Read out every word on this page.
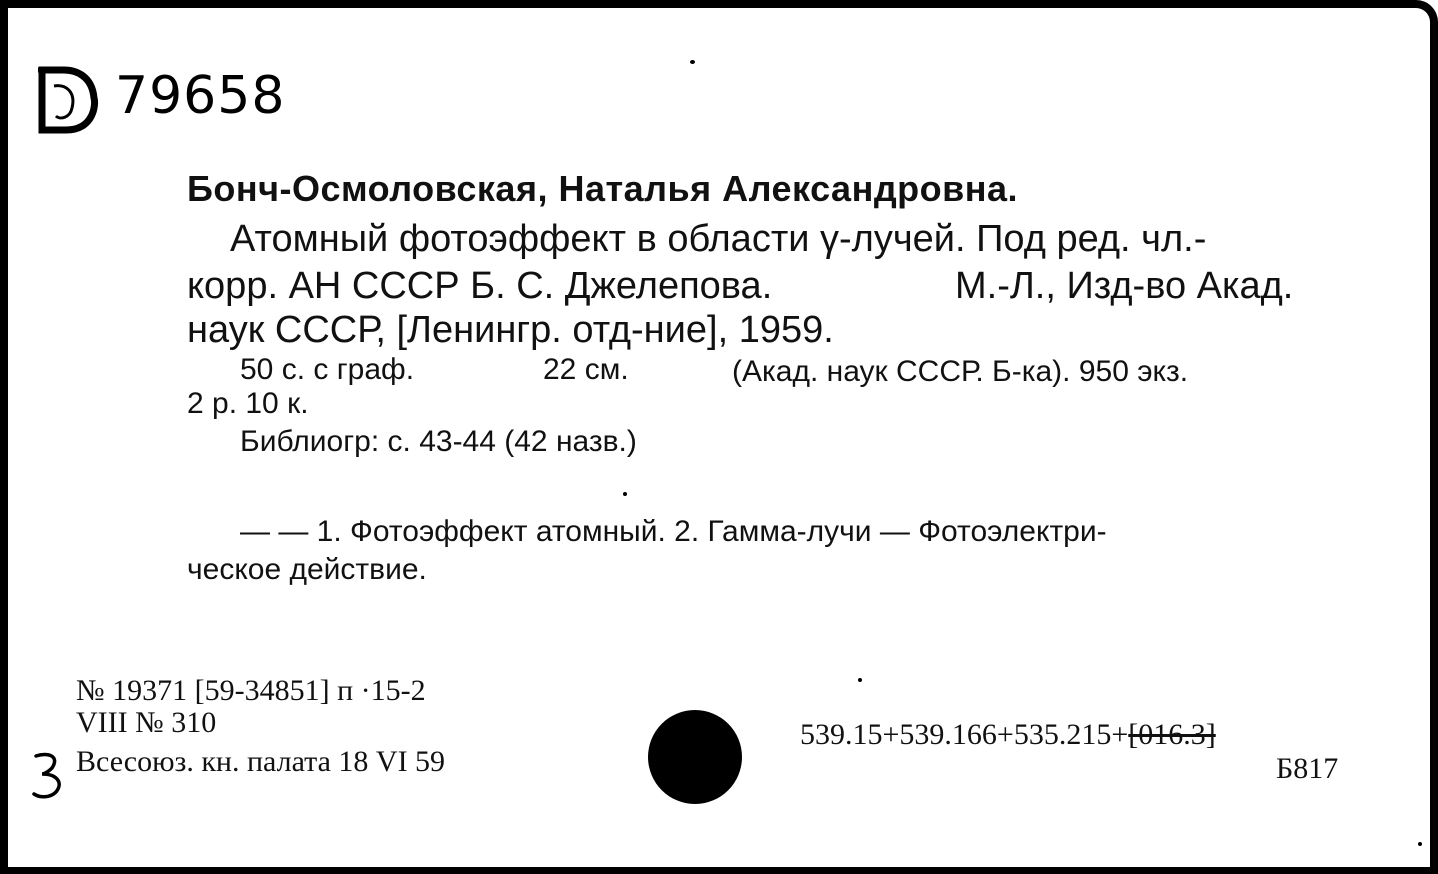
79658
Бонч-Осмоловская, Наталья Александровна.
Атомный фотоэффект в области γ-лучей. Под ред. чл.-
корр. АН СССР Б. С. Джелепова.	М.-Л., Изд-во Акад.
наук СССР, [Ленингр. отд-ние], 1959.
50 с. с граф.	22 см.	(Акад. наук СССР. Б-ка). 950 экз.
2 р. 10 к.
Библиогр: с. 43-44 (42 назв.)
— — 1. Фотоэффект атомный. 2. Гамма-лучи — Фотоэлектри-
ческое действие.
№ 19371 [59-34851] п ·15-2
VIII № 310
Всесоюз. кн. палата 18 VI 59
539.15+539.166+535.215+[016.3]
Б817
